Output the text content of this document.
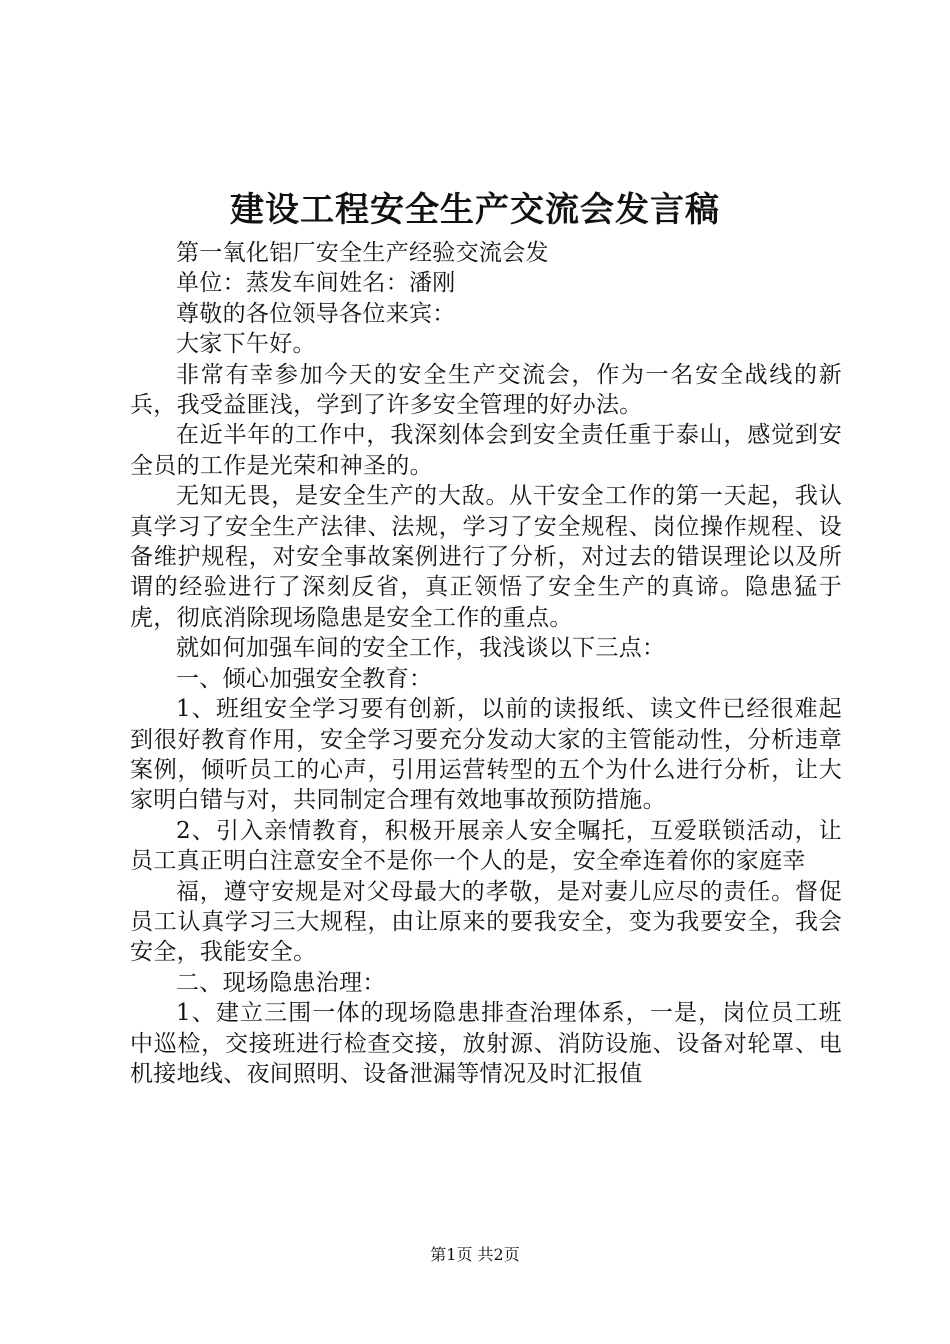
建设工程安全生产交流会发言稿

第一氧化铝厂安全生产经验交流会发

单位：蒸发车间姓名：潘刚

尊敬的各位领导各位来宾：

大家下午好。

非常有幸参加今天的安全生产交流会，作为一名安全战线的新兵，我受益匪浅，学到了许多安全管理的好办法。

在近半年的工作中，我深刻体会到安全责任重于泰山，感觉到安全员的工作是光荣和神圣的。

无知无畏，是安全生产的大敌。从干安全工作的第一天起，我认真学习了安全生产法律、法规，学习了安全规程、岗位操作规程、设备维护规程，对安全事故案例进行了分析，对过去的错误理论以及所谓的经验进行了深刻反省，真正领悟了安全生产的真谛。隐患猛于虎，彻底消除现场隐患是安全工作的重点。

就如何加强车间的安全工作，我浅谈以下三点：

一、倾心加强安全教育：

1、班组安全学习要有创新，以前的读报纸、读文件已经很难起到很好教育作用，安全学习要充分发动大家的主管能动性，分析违章案例，倾听员工的心声，引用运营转型的五个为什么进行分析，让大家明白错与对，共同制定合理有效地事故预防措施。

2、引入亲情教育，积极开展亲人安全嘱托，互爱联锁活动，让员工真正明白注意安全不是你一个人的是，安全牵连着你的家庭幸

福，遵守安规是对父母最大的孝敬，是对妻儿应尽的责任。督促员工认真学习三大规程，由让原来的要我安全，变为我要安全，我会安全，我能安全。

二、现场隐患治理：

1、建立三围一体的现场隐患排查治理体系，一是，岗位员工班中巡检，交接班进行检查交接，放射源、消防设施、设备对轮罩、电机接地线、夜间照明、设备泄漏等情况及时汇报值

第1页 共2页
